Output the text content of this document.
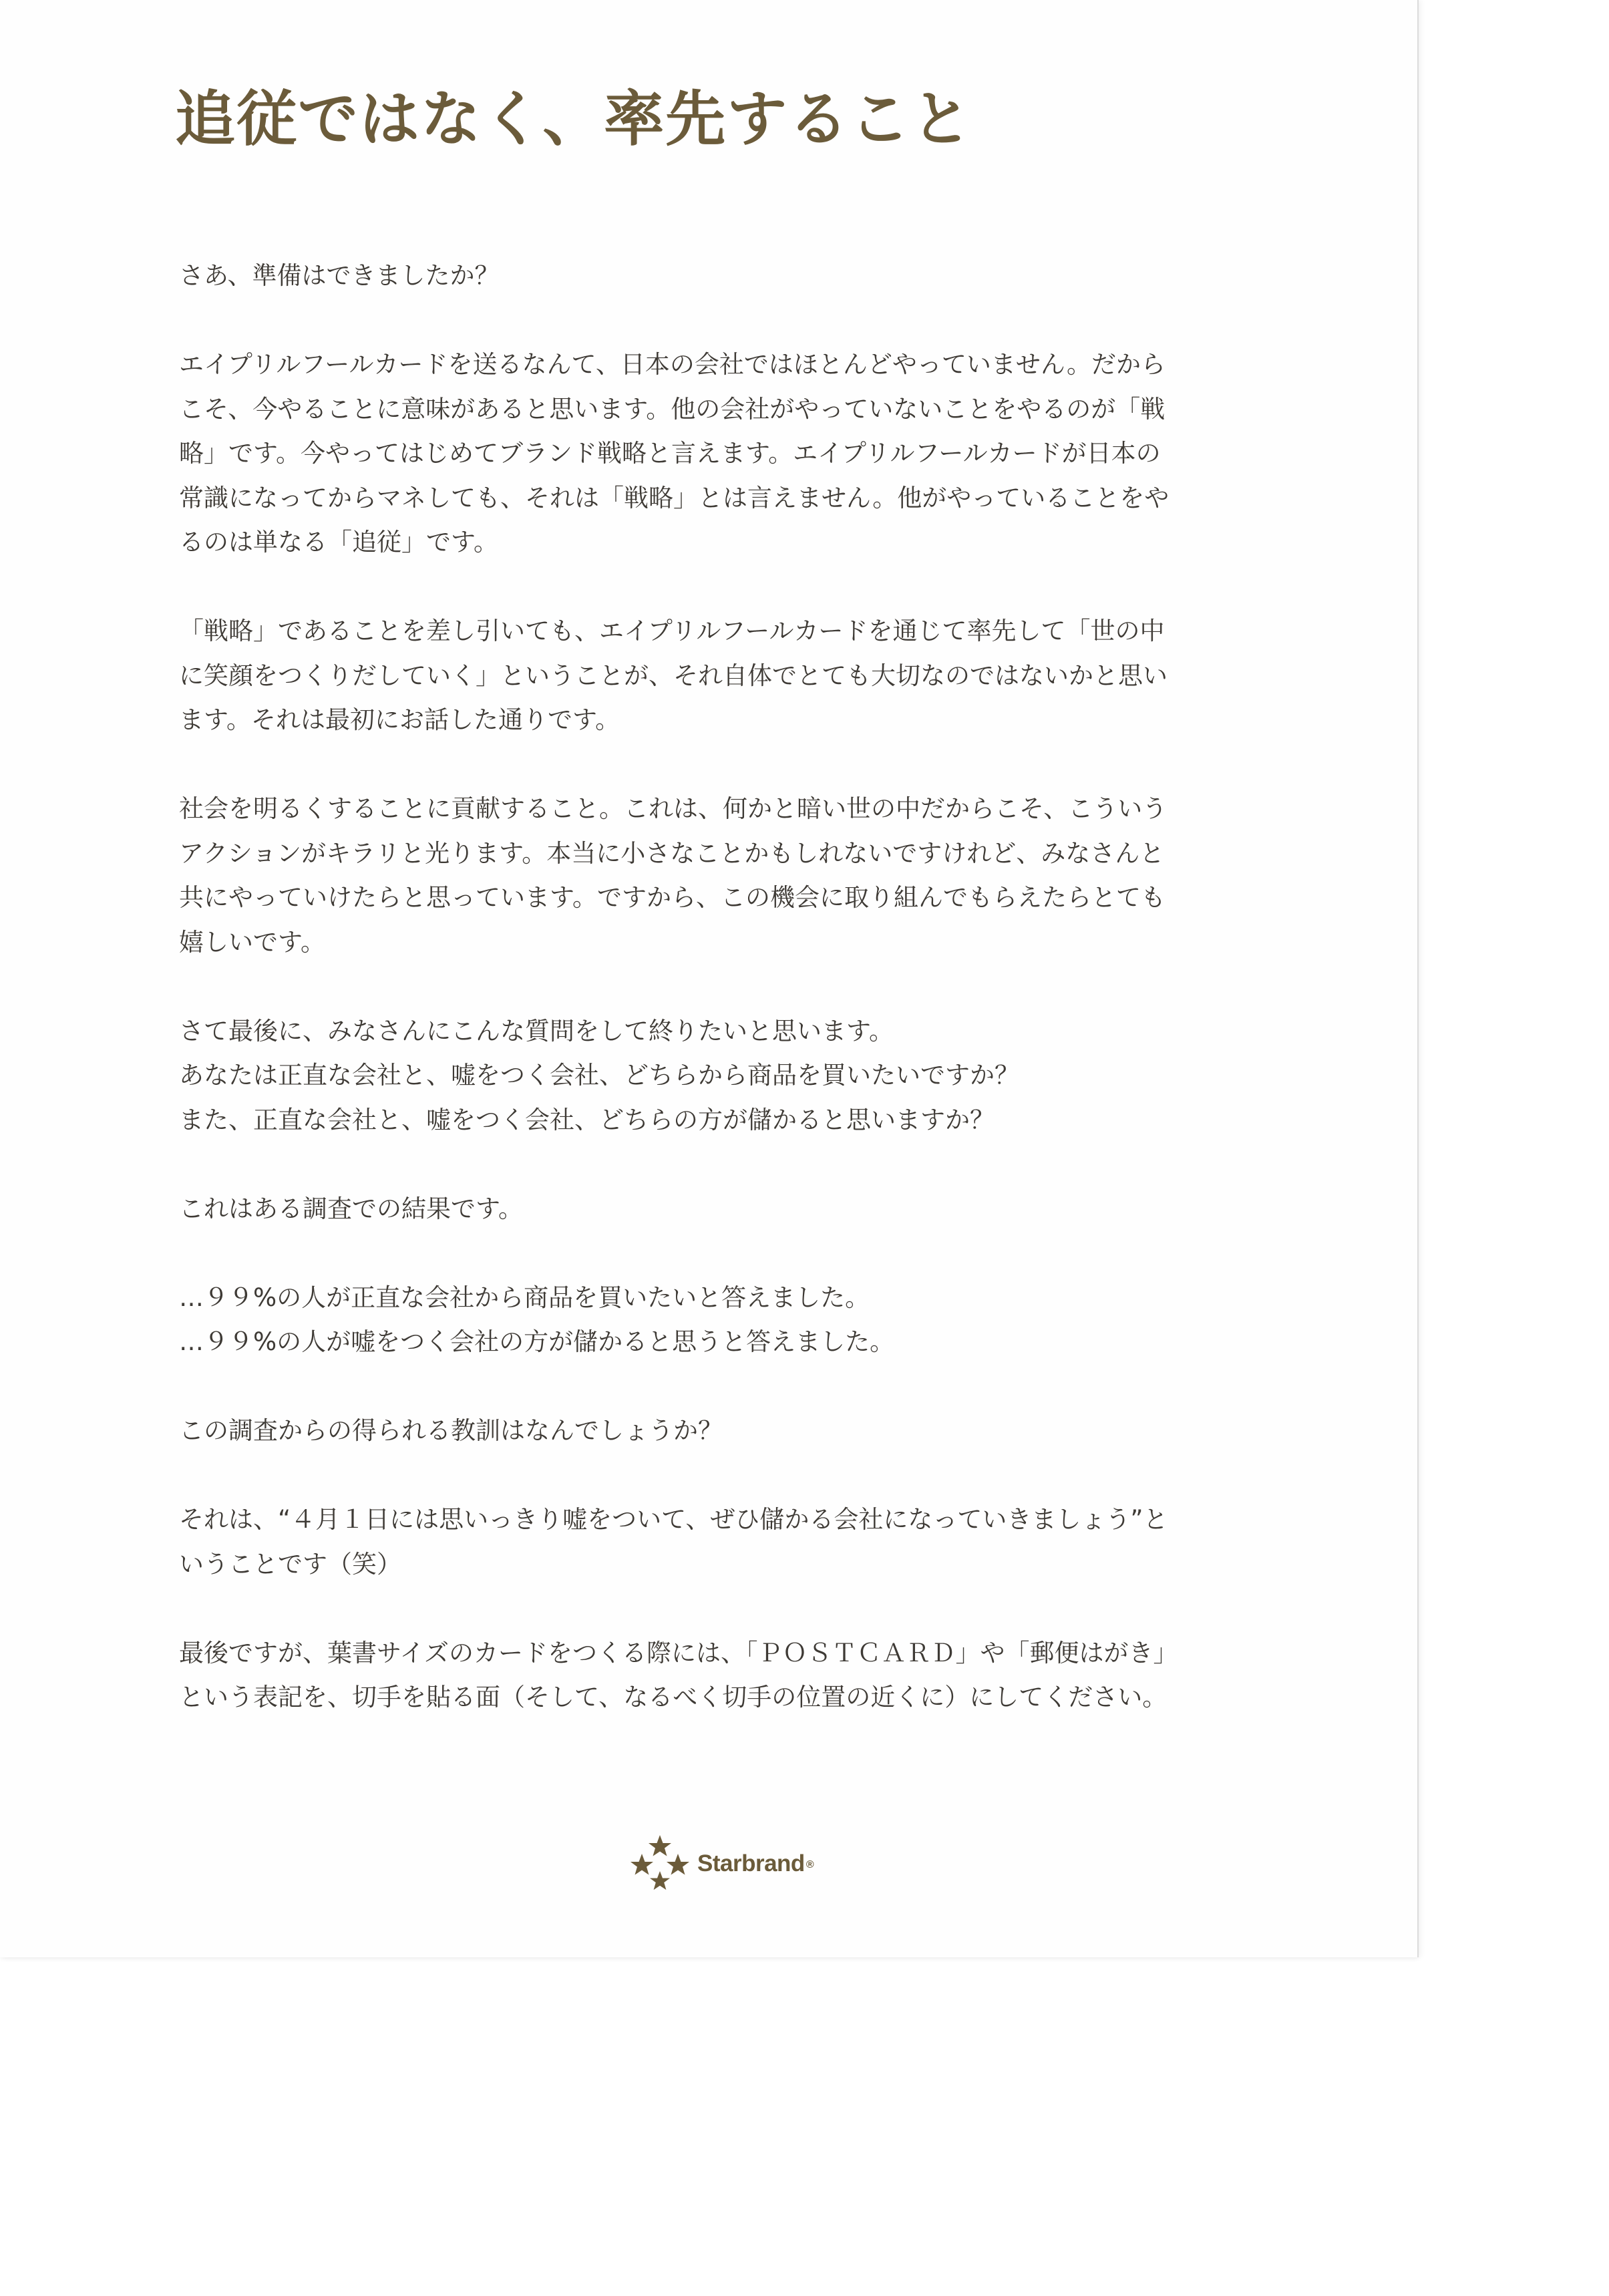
追従ではなく、率先すること

さあ、準備はできましたか？

エイプリルフールカードを送るなんて、日本の会社ではほとんどやっていません。だから
こそ、今やることに意味があると思います。他の会社がやっていないことをやるのが「戦
略」です。今やってはじめてブランド戦略と言えます。エイプリルフールカードが日本の
常識になってからマネしても、それは「戦略」とは言えません。他がやっていることをや
るのは単なる「追従」です。

「戦略」であることを差し引いても、エイプリルフールカードを通じて率先して「世の中
に笑顔をつくりだしていく」ということが、それ自体でとても大切なのではないかと思い
ます。それは最初にお話した通りです。

社会を明るくすることに貢献すること。これは、何かと暗い世の中だからこそ、こういう
アクションがキラリと光ります。本当に小さなことかもしれないですけれど、みなさんと
共にやっていけたらと思っています。ですから、この機会に取り組んでもらえたらとても
嬉しいです。

さて最後に、みなさんにこんな質問をして終りたいと思います。
あなたは正直な会社と、嘘をつく会社、どちらから商品を買いたいですか？
また、正直な会社と、嘘をつく会社、どちらの方が儲かると思いますか？

これはある調査での結果です。

…９９%の人が正直な会社から商品を買いたいと答えました。
…９９%の人が嘘をつく会社の方が儲かると思うと答えました。

この調査からの得られる教訓はなんでしょうか？

それは、“４月１日には思いっきり嘘をついて、ぜひ儲かる会社になっていきましょう”と
いうことです（笑）

最後ですが、葉書サイズのカードをつくる際には、「ＰＯＳＴＣＡＲＤ」や「郵便はがき」
という表記を、切手を貼る面（そして、なるべく切手の位置の近くに）にしてください。

Starbrand ®
